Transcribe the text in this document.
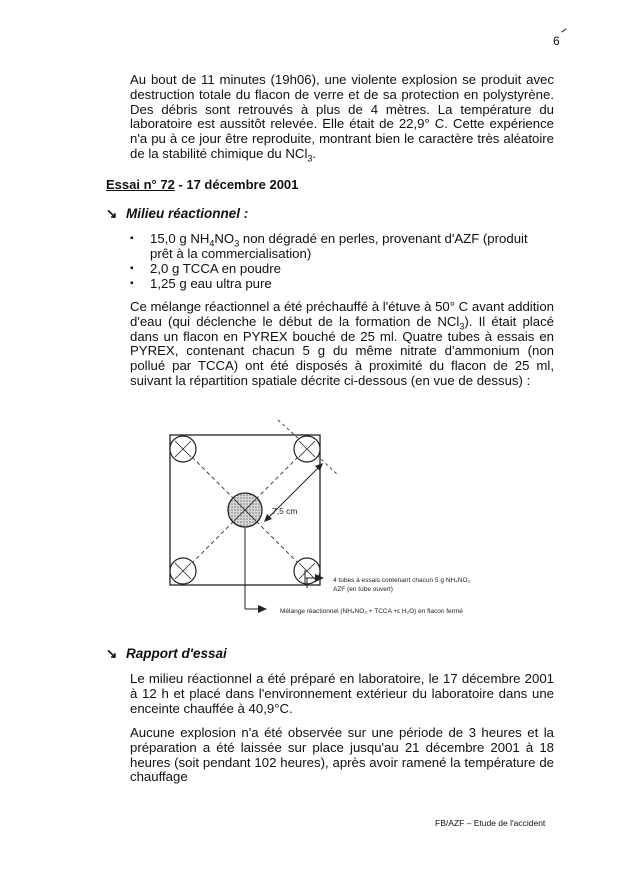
6

Au bout de 11 minutes (19h06), une violente explosion se produit avec destruction totale du flacon de verre et de sa protection en polystyrène. Des débris sont retrouvés à plus de 4 mètres. La température du laboratoire est aussitôt relevée. Elle était de 22,9° C. Cette expérience n'a pu à ce jour être reproduite, montrant bien le caractère très aléatoire de la stabilité chimique du NCl$_3$.

Essai n° 72 - 17 décembre 2001
↘ Milieu réactionnel :
▪ 15,0 g $NH_4NO_3$ non dégradé en perles, provenant d'AZF (produit prêt à la commercialisation)
▪ 2,0 g TCCA en poudre
▪ 1,25 g eau ultra pure

Ce mélange réactionnel a été préchauffé à l'étuve à 50° C avant addition d'eau (qui déclenche le début de la formation de NCl$_3$). Il était placé dans un flacon en PYREX bouché de 25 ml. Quatre tubes à essais en PYREX, contenant chacun 5 g du même nitrate d'ammonium (non pollué par TCCA) ont été disposés à proximité du flacon de 25 ml, suivant la répartition spatiale décrite ci-dessous (en vue de dessus) :

7,5 cm
4 tubes à essais contenant chacun 5 g NH₄NO₃
AZF (en tube ouvert)
Mélange réactionnel (NH₄NO₃ + TCCA +ε H₂O) en flacon fermé
↘ Rapport d'essai

Le milieu réactionnel a été préparé en laboratoire, le 17 décembre 2001 à 12 h et placé dans l'environnement extérieur du laboratoire dans une enceinte chauffée à 40,9°C.

Aucune explosion n'a été observée sur une période de 3 heures et la préparation a été laissée sur place jusqu'au 21 décembre 2001 à 18 heures (soit pendant 102 heures), après avoir ramené la température de chauffage

FB/AZF – Etude de l'accident
